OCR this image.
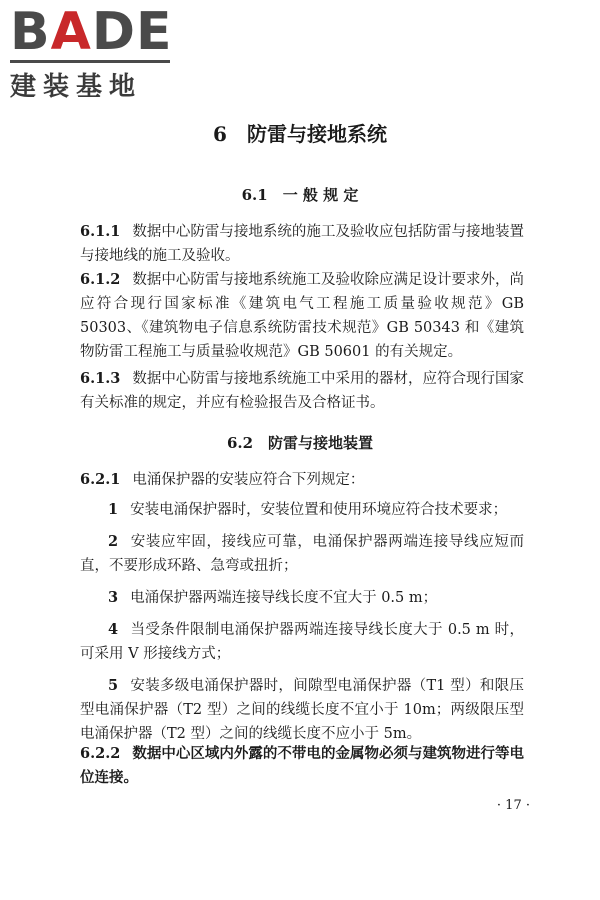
BADE
建装基地
6　防雷与接地系统
6.1　一 般 规 定

6.1.1 数据中心防雷与接地系统的施工及验收应包括防雷与接地装置与接地线的施工及验收。

6.1.2 数据中心防雷与接地系统施工及验收除应满足设计要求外，尚应符合现行国家标准《建筑电气工程施工质量验收规范》GB 50303、《建筑物电子信息系统防雷技术规范》GB 50343 和《建筑物防雷工程施工与质量验收规范》GB 50601 的有关规定。

6.1.3 数据中心防雷与接地系统施工中采用的器材，应符合现行国家有关标准的规定，并应有检验报告及合格证书。

6.2　防雷与接地装置

6.2.1 电涌保护器的安装应符合下列规定：

1 安装电涌保护器时，安装位置和使用环境应符合技术要求；

2 安装应牢固，接线应可靠，电涌保护器两端连接导线应短而直，不要形成环路、急弯或扭折；

3 电涌保护器两端连接导线长度不宜大于 0.5 m；

4 当受条件限制电涌保护器两端连接导线长度大于 0.5 m 时，可采用 V 形接线方式；

5 安装多级电涌保护器时，间隙型电涌保护器（T1 型）和限压型电涌保护器（T2 型）之间的线缆长度不宜小于 10m；两级限压型电涌保护器（T2 型）之间的线缆长度不应小于 5m。

6.2.2 数据中心区域内外露的不带电的金属物必须与建筑物进行等电位连接。

· 17 ·
